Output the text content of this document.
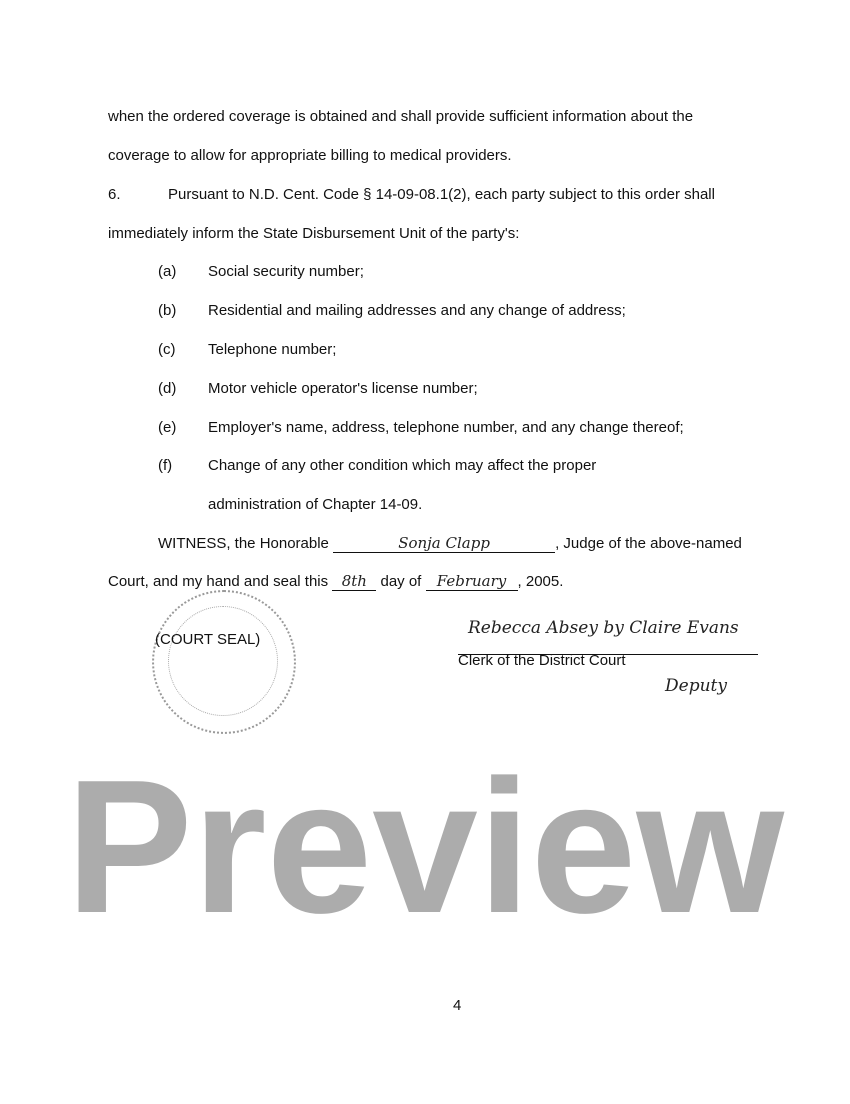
when the ordered coverage is obtained and shall provide sufficient information about the
coverage to allow for appropriate billing to medical providers.
6.	Pursuant to N.D. Cent. Code § 14-09-08.1(2), each party subject to this order shall
immediately inform the State Disbursement Unit of the party's:
(a) Social security number;
(b) Residential and mailing addresses and any change of address;
(c) Telephone number;
(d) Motor vehicle operator's license number;
(e) Employer's name, address, telephone number, and any change thereof;
(f) Change of any other condition which may affect the proper
administration of Chapter 14-09.
WITNESS, the Honorable	Sonja Clapp	, Judge of the above-named
Court, and my hand and seal this 8th day of February , 2005.
(COURT SEAL)
Rebecca Absey by Claire Evans
Clerk of the District Court
Deputy
Preview
4
